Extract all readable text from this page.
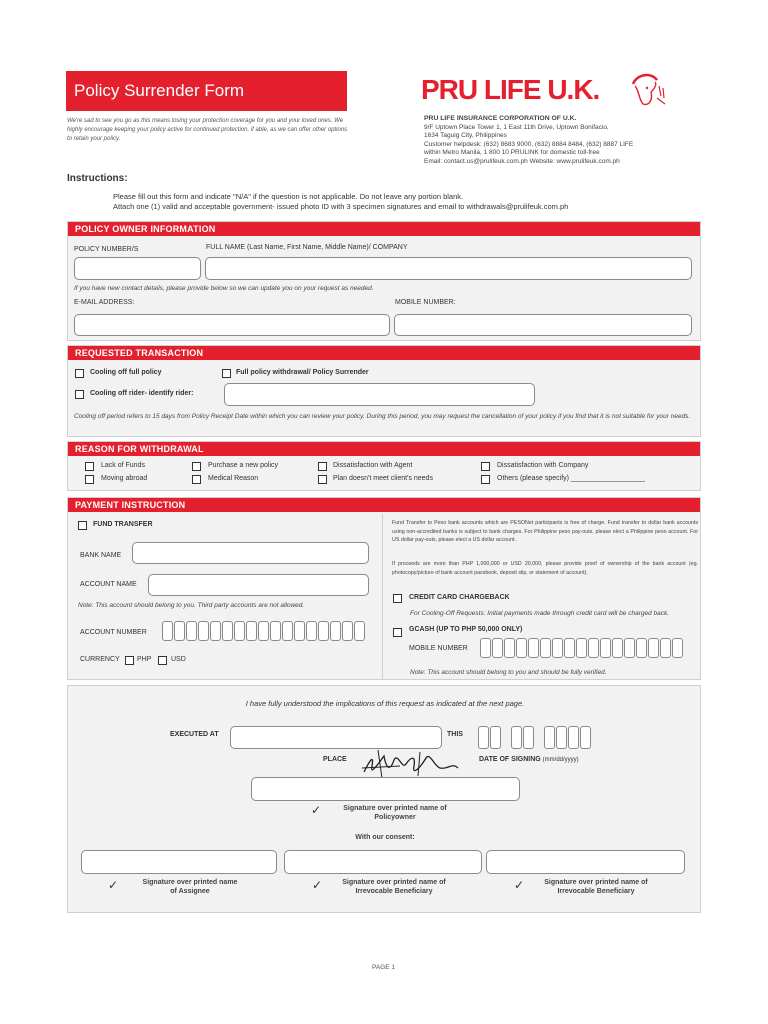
Policy Surrender Form
We're sad to see you go as this means losing your protection coverage for you and your loved ones. We highly encourage keeping your policy active for continued protection, if able, as we can offer other options to retain your policy.
PRU LIFE U.K.
PRU LIFE INSURANCE CORPORATION OF U.K.
9/F Uptown Place Tower 1, 1 East 11th Drive, Uptown Bonifacio,
1634 Taguig City, Philippines
Customer helpdesk: (632) 8683 9000, (632) 8884 8484, (632) 8887 LIFE
within Metro Manila, 1 800 10 PRULINK for domestic toll-free
Email: contact.us@prulifeuk.com.ph Website: www.prulifeuk.com.ph
Instructions:
Please fill out this form and indicate "N/A" if the question is not applicable. Do not leave any portion blank.
Attach one (1) valid and acceptable government- issued photo ID with 3 specimen signatures and email to withdrawals@prulifeuk.com.ph
POLICY OWNER INFORMATION
POLICY NUMBER/S	FULL NAME (Last Name, First Name, Middle Name)/ COMPANY
If you have new contact details, please provide below so we can update you on your request as needed.
E-MAIL ADDRESS:	MOBILE NUMBER:
REQUESTED TRANSACTION
Cooling off full policy	Full policy withdrawal/ Policy Surrender
Cooling off rider- identify rider:
Cooling off period refers to 15 days from Policy Receipt Date within which you can review your policy. During this period, you may request the cancellation of your policy if you find that it is not suitable for your needs.
REASON FOR WITHDRAWAL
Lack of Funds
Moving abroad
Purchase a new policy
Medical Reason
Dissatisfaction with Agent
Plan doesn't meet client's needs
Dissatisfaction with Company
Others (please specify) ___________________
PAYMENT INSTRUCTION
FUND TRANSFER
BANK NAME
ACCOUNT NAME
Note: This account should belong to you. Third party accounts are not allowed.
ACCOUNT NUMBER
CURRENCY PHP	USD
Fund Transfer to Peso bank accounts which are PESONet participants is free of charge. Fund transfer to dollar bank accounts using non-accredited banks is subject to bank charges. For Philippine peso pay-outs, please elect a Philippine peso account. For US dollar pay-outs, please elect a US dollar account.
If proceeds are more than PHP 1,000,000 or USD 20,000, please provide proof of ownership of the bank account (eg. photocopy/picture of bank account passbook, deposit slip, or statement of account).
CREDIT CARD CHARGEBACK
For Cooling-Off Requests: Initial payments made through credit card will be charged back.
GCASH (UP TO PHP 50,000 ONLY)
MOBILE NUMBER
Note: This account should belong to you and should be fully verified.
I have fully understood the implications of this request as indicated at the next page.
EXECUTED AT	THIS
PLACE	DATE OF SIGNING (mm/dd/yyyy)
✓	Signature over printed name of
Policyowner
With our consent:
✓	Signature over printed name
of Assignee	✓	Signature over printed name of
Irrevocable Beneficiary	✓	Signature over printed name of
Irrevocable Beneficiary
PAGE 1
